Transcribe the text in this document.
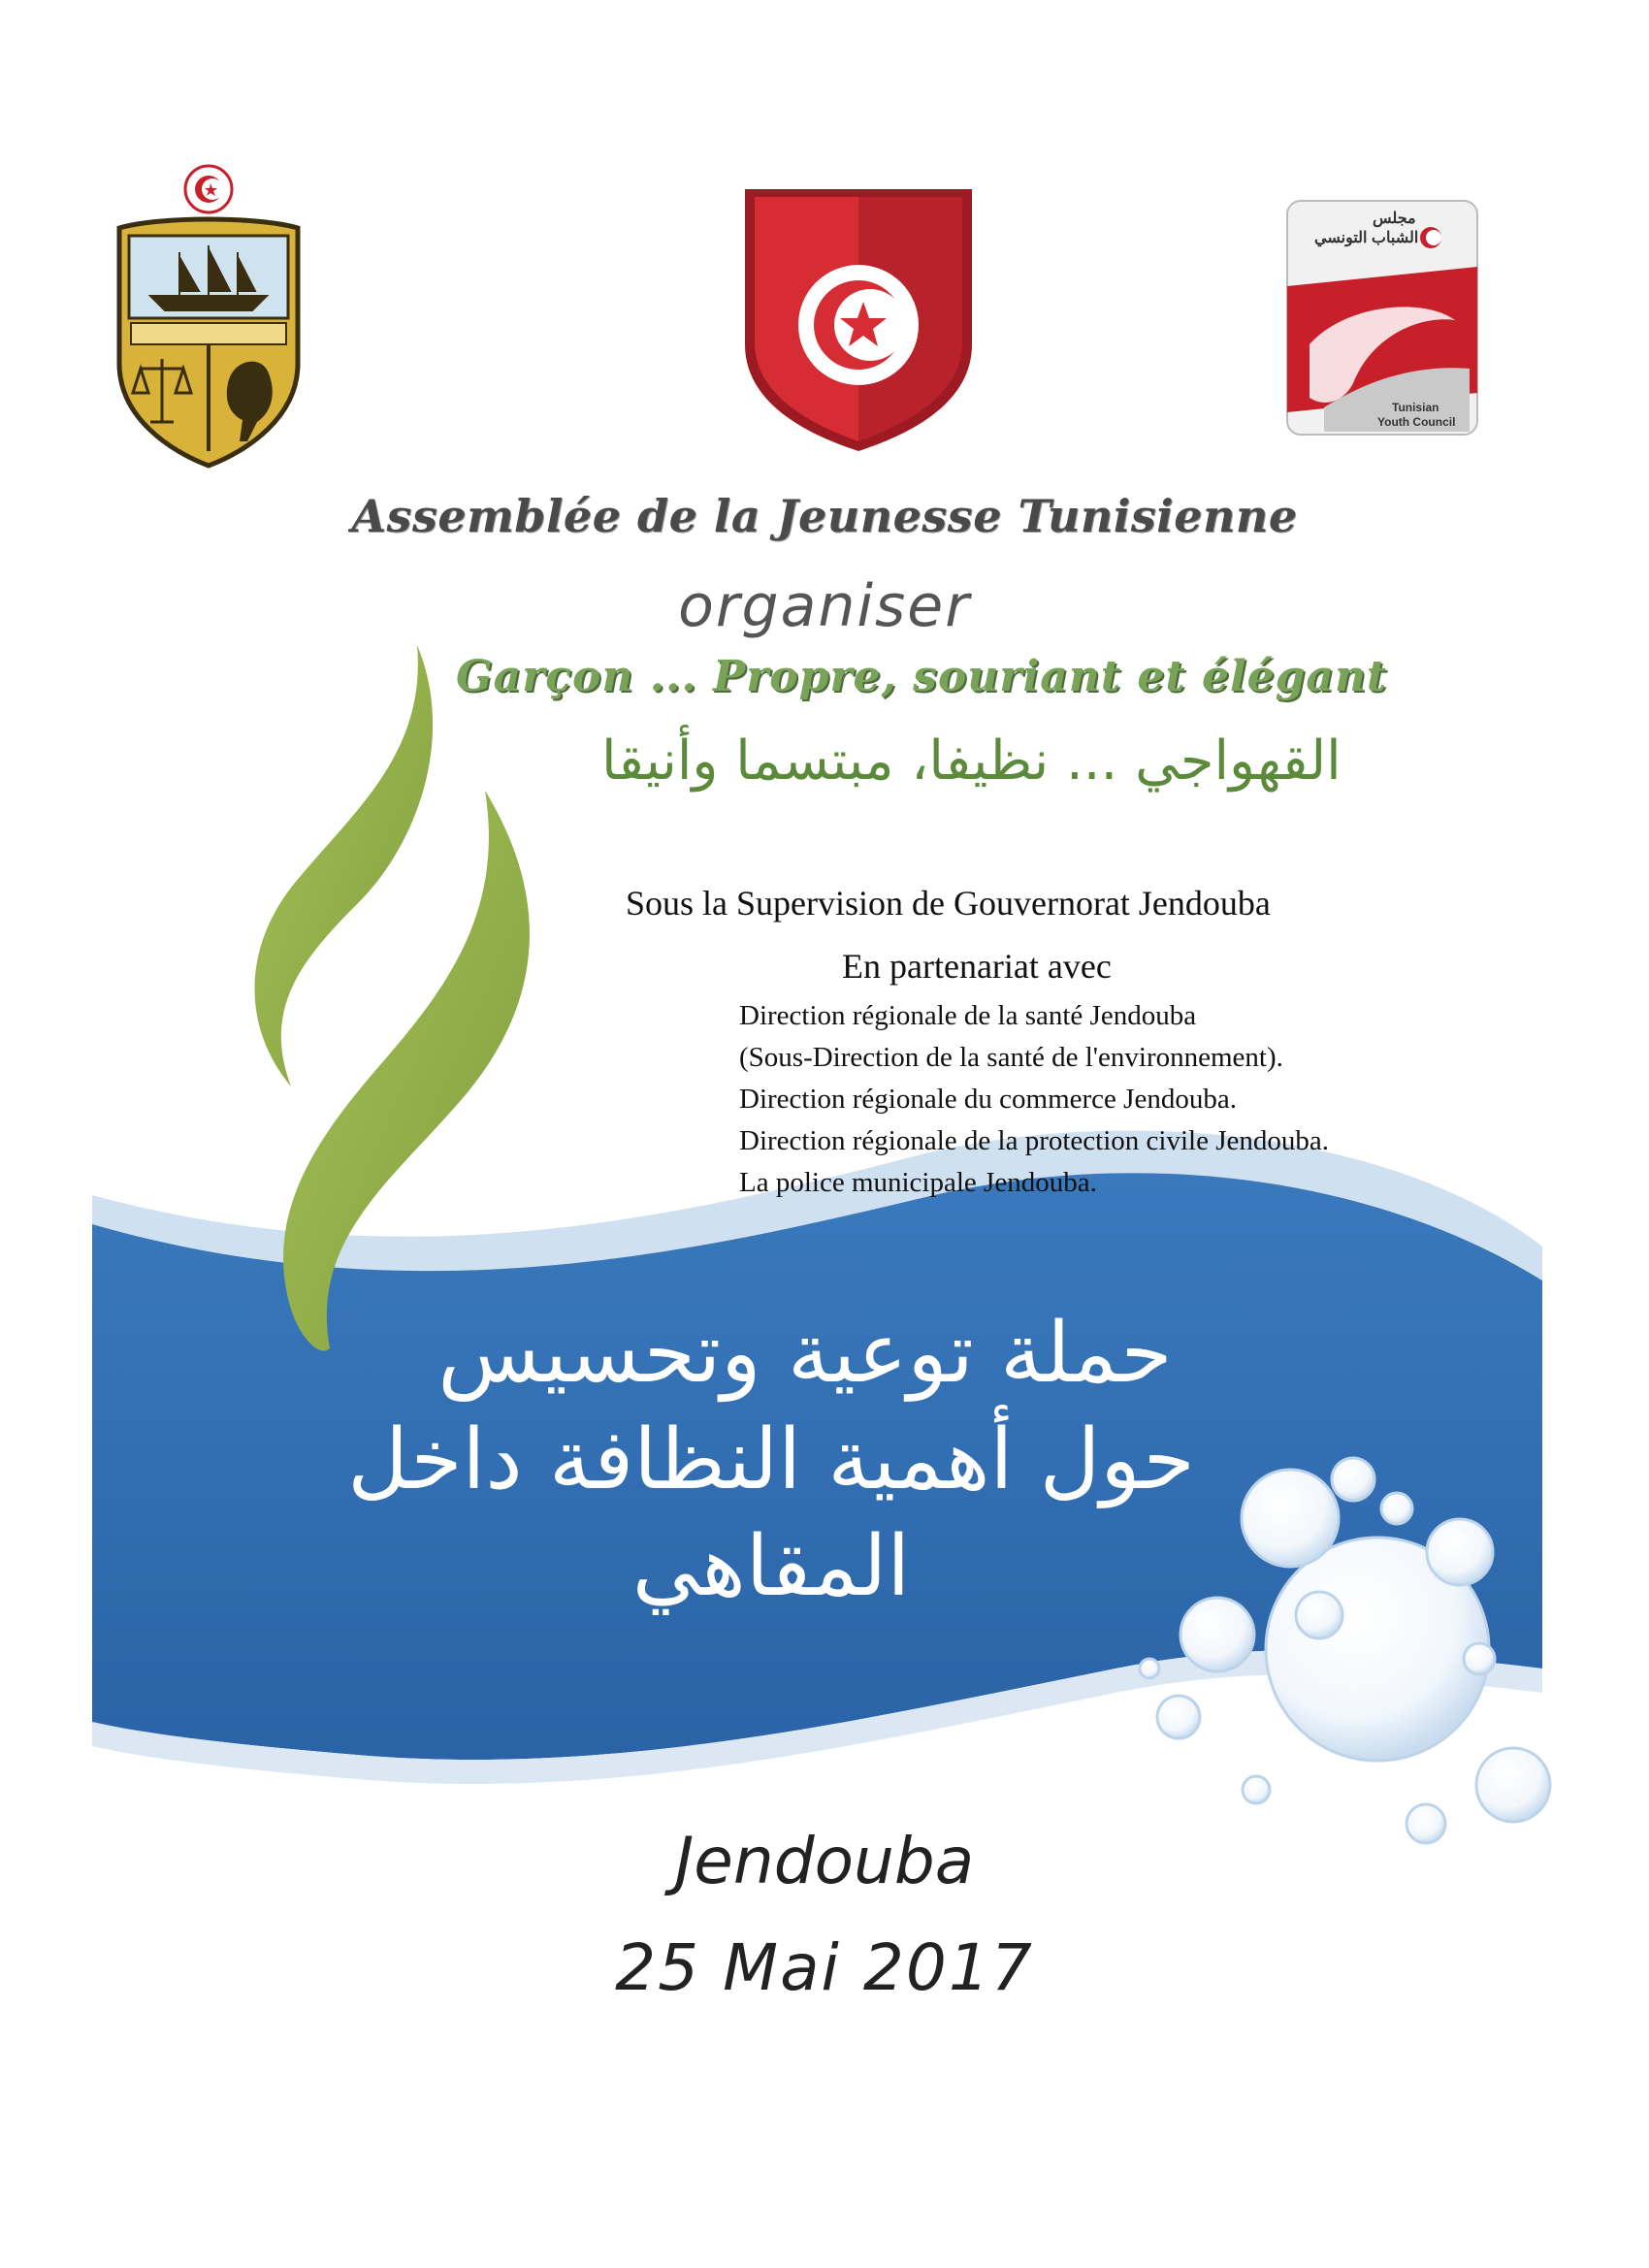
مجلس
الشباب التونسي
Tunisian
Youth Council
Assemblée de la Jeunesse Tunisienne

organiser

Garçon ... Propre, souriant et élégant

القهواجي ... نظيفا، مبتسما وأنيقا

Sous la Supervision de Gouvernorat Jendouba

En partenariat avec

Direction régionale de la santé Jendouba
(Sous-Direction de la santé de l'environnement).
Direction régionale du commerce Jendouba.
Direction régionale de la protection civile Jendouba.
La police municipale Jendouba.
حملة توعية وتحسيس
حول أهمية النظافة داخل المقاهي

Jendouba

25 Mai 2017
